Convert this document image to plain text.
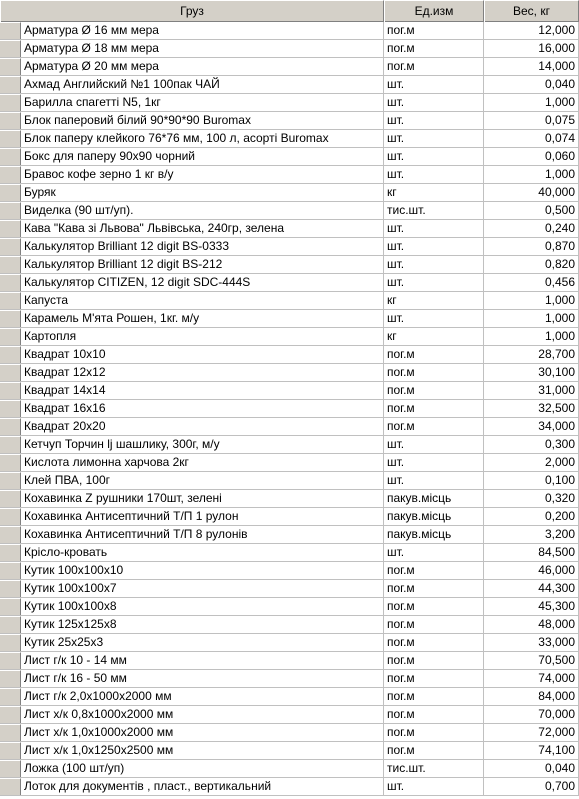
Груз	Ед.изм	Вес, кг
Арматура Ø 16 мм мера	пог.м	12,000
Арматура Ø 18 мм мера	пог.м	16,000
Арматура Ø 20 мм мера	пог.м	14,000
Ахмад Английский №1 100пак ЧАЙ	шт.	0,040
Барилла спагетті N5, 1кг	шт.	1,000
Блок паперовий білий 90*90*90 Buromax	шт.	0,075
Блок паперу клейкого 76*76 мм, 100 л, асорті Buromax	шт.	0,074
Бокс для паперу 90х90 чорний	шт.	0,060
Бравос кофе зерно 1 кг в/у	шт.	1,000
Буряк	кг	40,000
Виделка (90 шт/уп).	тис.шт.	0,500
Кава "Кава зі Львова" Львівська, 240гр, зелена	шт.	0,240
Калькулятор Brilliant 12 digit BS-0333	шт.	0,870
Калькулятор Brilliant 12 digit BS-212	шт.	0,820
Калькулятор CITIZEN, 12 digit SDC-444S	шт.	0,456
Капуста	кг	1,000
Карамель М'ята Рошен, 1кг. м/у	шт.	1,000
Картопля	кг	1,000
Квадрат 10х10	пог.м	28,700
Квадрат 12х12	пог.м	30,100
Квадрат 14х14	пог.м	31,000
Квадрат 16х16	пог.м	32,500
Квадрат 20х20	пог.м	34,000
Кетчуп Торчин lj шашлику, 300г, м/у	шт.	0,300
Кислота лимонна харчова 2кг	шт.	2,000
Клей ПВА, 100г	шт.	0,100
Кохавинка Z рушники 170шт, зелені	пакув.місць	0,320
Кохавинка Антисептичний Т/П 1 рулон	пакув.місць	0,200
Кохавинка Антисептичний Т/П 8 рулонів	пакув.місць	3,200
Крісло-кровать	шт.	84,500
Кутик 100х100х10	пог.м	46,000
Кутик 100х100х7	пог.м	44,300
Кутик 100х100х8	пог.м	45,300
Кутик 125х125х8	пог.м	48,000
Кутик 25х25х3	пог.м	33,000
Лист г/к 10 - 14 мм	пог.м	70,500
Лист г/к 16 - 50 мм	пог.м	74,000
Лист г/к 2,0х1000х2000 мм	пог.м	84,000
Лист х/к 0,8х1000х2000 мм	пог.м	70,000
Лист х/к 1,0х1000х2000 мм	пог.м	72,000
Лист х/к 1,0х1250х2500 мм	пог.м	74,100
Ложка (100 шт/уп)	тис.шт.	0,040
Лоток для документів , пласт., вертикальний	шт.	0,700
